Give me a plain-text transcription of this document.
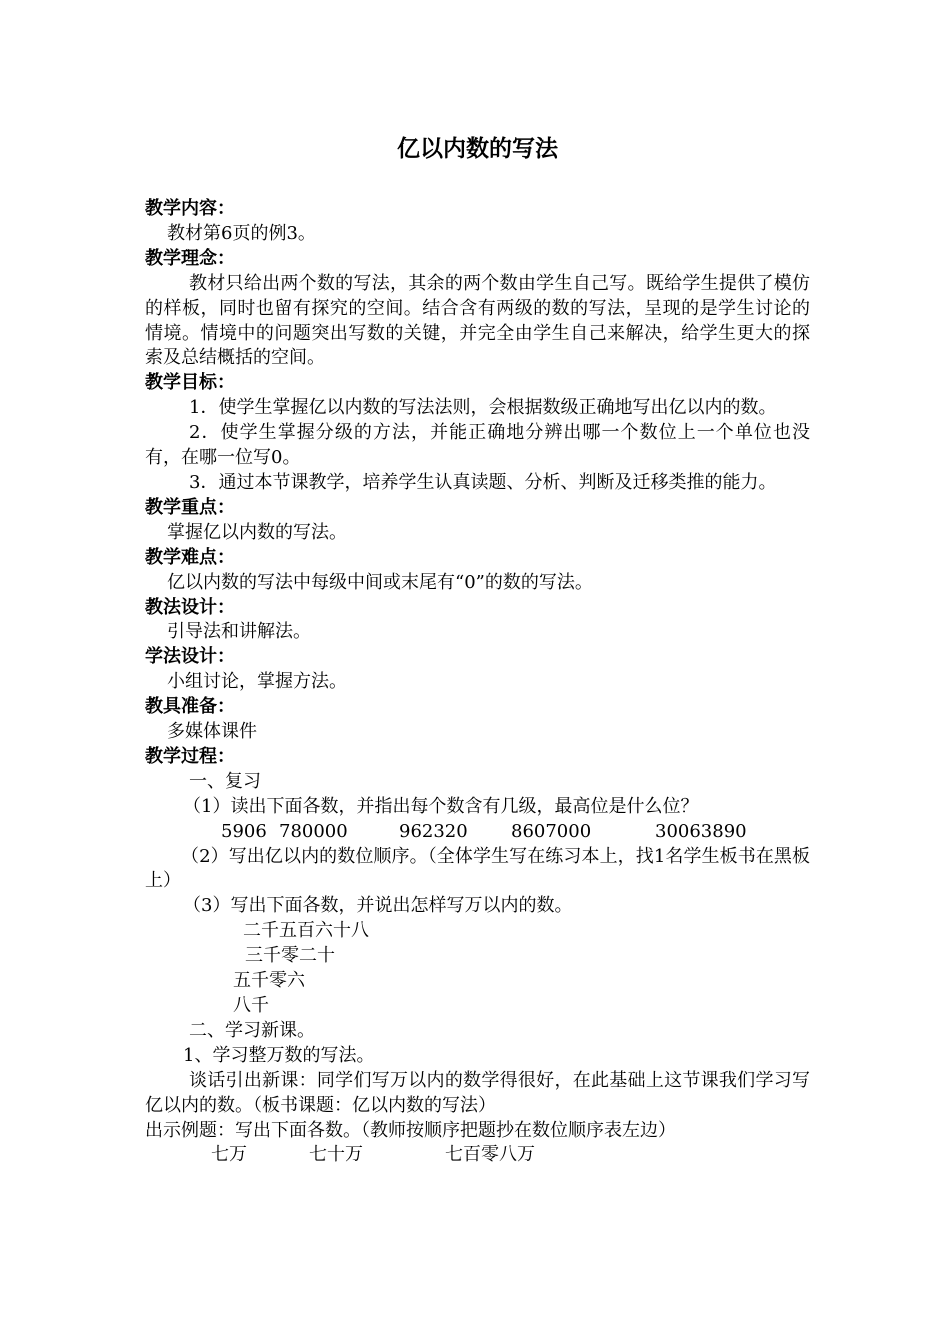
亿以内数的写法

教学内容：

教材第6页的例3。

教学理念：

教材只给出两个数的写法，其余的两个数由学生自己写。既给学生提供了模仿的样板，同时也留有探究的空间。结合含有两级的数的写法，呈现的是学生讨论的情境。情境中的问题突出写数的关键，并完全由学生自己来解决，给学生更大的探索及总结概括的空间。

教学目标：

1．使学生掌握亿以内数的写法法则，会根据数级正确地写出亿以内的数。

2．使学生掌握分级的方法，并能正确地分辨出哪一个数位上一个单位也没有，在哪一位写0。

3．通过本节课教学，培养学生认真读题、分析、判断及迁移类推的能力。

教学重点：

掌握亿以内数的写法。

教学难点：

亿以内数的写法中每级中间或末尾有“0”的数的写法。

教法设计：

引导法和讲解法。

学法设计：

小组讨论，掌握方法。

教具准备：

多媒体课件

教学过程：

一、复习

（1）读出下面各数，并指出每个数含有几级，最高位是什么位？

5906 780000	962320 8607000	30063890

（2）写出亿以内的数位顺序。（全体学生写在练习本上，找1名学生板书在黑板上）

（3）写出下面各数，并说出怎样写万以内的数。

二千五百六十八

三千零二十

五千零六

八千

二、学习新课。

1、学习整万数的写法。

谈话引出新课：同学们写万以内的数学得很好，在此基础上这节课我们学习写亿以内的数。（板书课题：亿以内数的写法）

出示例题：写出下面各数。（教师按顺序把题抄在数位顺序表左边）

七万	七十万	七百零八万
